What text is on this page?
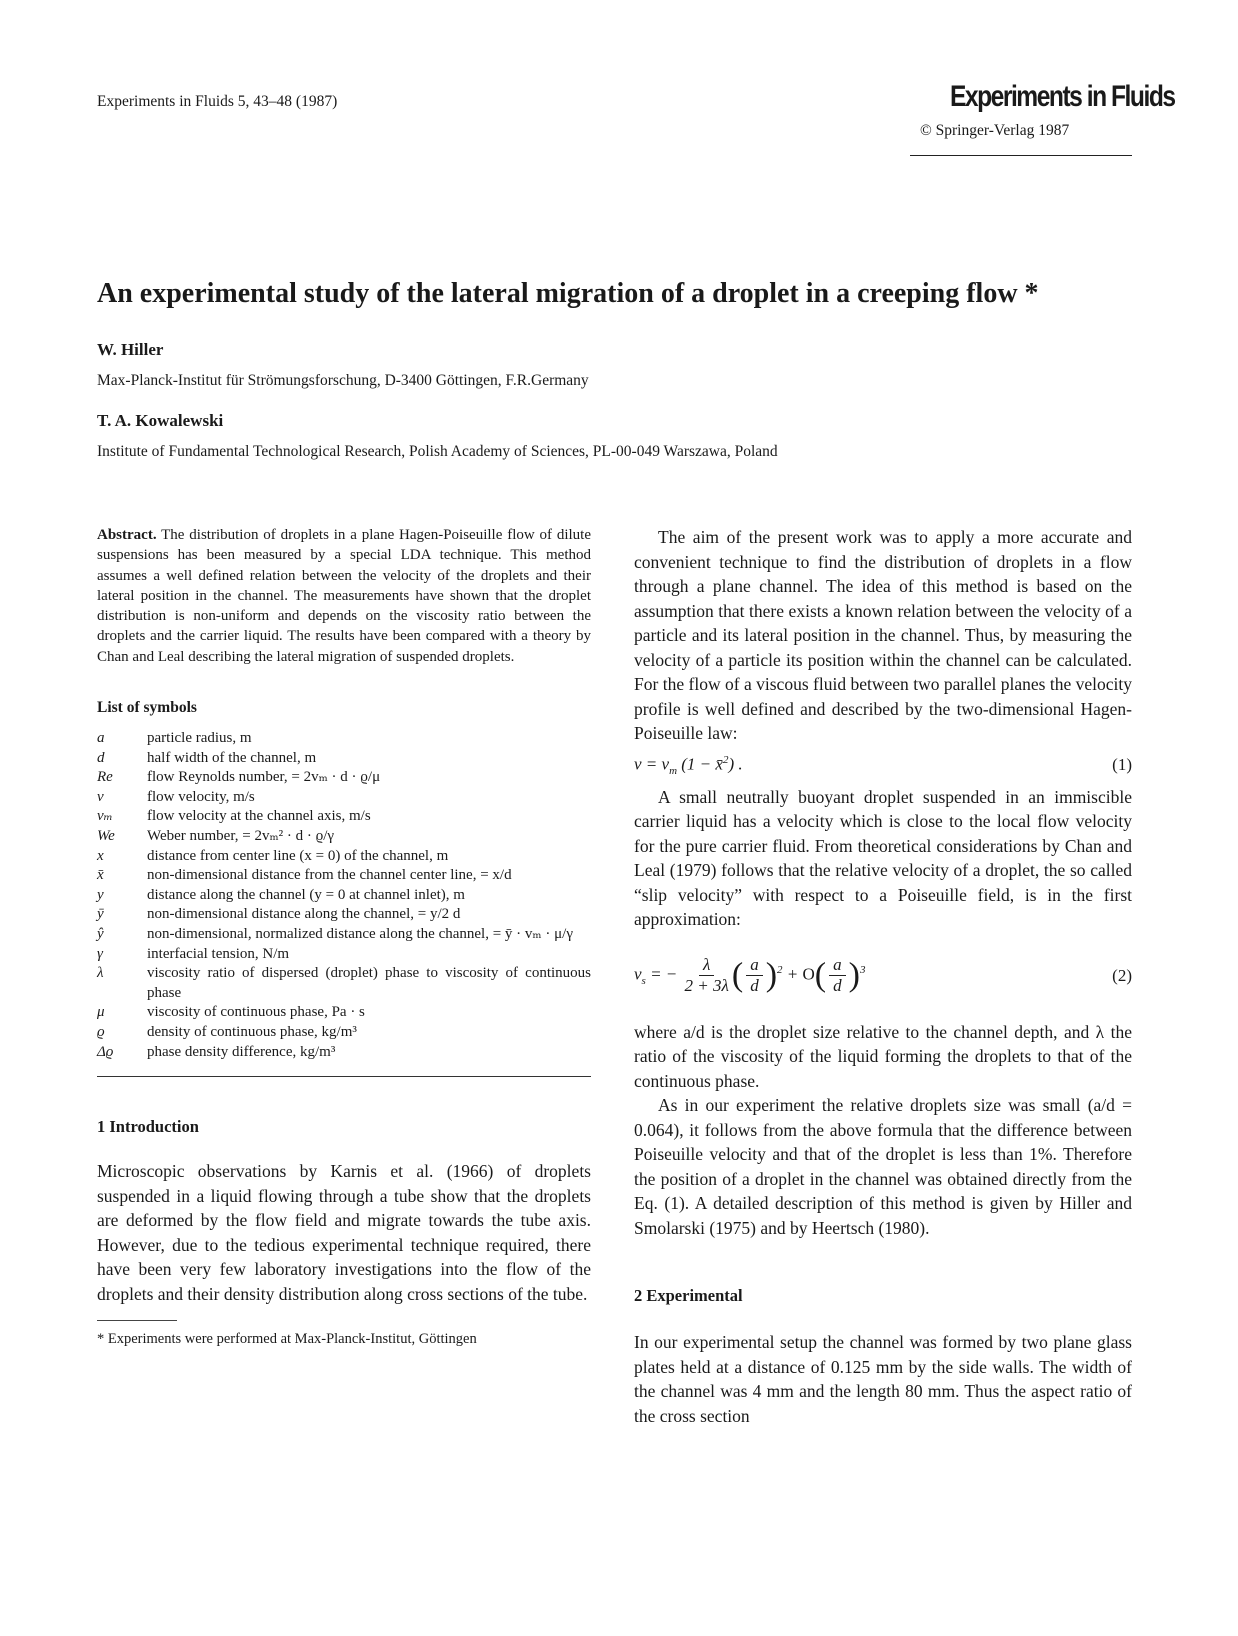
Experiments in Fluids 5, 43–48 (1987)	Experiments in Fluids
© Springer-Verlag 1987
An experimental study of the lateral migration of a droplet in a creeping flow *
W. Hiller
Max-Planck-Institut für Strömungsforschung, D-3400 Göttingen, F.R.Germany
T. A. Kowalewski
Institute of Fundamental Technological Research, Polish Academy of Sciences, PL-00-049 Warszawa, Poland

Abstract. The distribution of droplets in a plane Hagen-Poiseuille flow of dilute suspensions has been measured by a special LDA technique. This method assumes a well defined relation between the velocity of the droplets and their lateral position in the channel. The measurements have shown that the droplet distribution is non-uniform and depends on the viscosity ratio between the droplets and the carrier liquid. The results have been compared with a theory by Chan and Leal describing the lateral migration of suspended droplets.

List of symbols
a	particle radius, m
d	half width of the channel, m
Re	flow Reynolds number, = 2vₘ · d · ϱ/μ
v	flow velocity, m/s
vₘ	flow velocity at the channel axis, m/s
We	Weber number, = 2vₘ² · d · ϱ/γ
x	distance from center line (x = 0) of the channel, m
x̄	non-dimensional distance from the channel center line, = x/d
y	distance along the channel (y = 0 at channel inlet), m
ȳ	non-dimensional distance along the channel, = y/2 d
ŷ	non-dimensional, normalized distance along the channel, = ȳ · vₘ · μ/γ
γ	interfacial tension, N/m
λ	viscosity ratio of dispersed (droplet) phase to viscosity of continuous phase
μ	viscosity of continuous phase, Pa · s
ϱ	density of continuous phase, kg/m³
Δϱ	phase density difference, kg/m³
1 Introduction

Microscopic observations by Karnis et al. (1966) of droplets suspended in a liquid flowing through a tube show that the droplets are deformed by the flow field and migrate towards the tube axis. However, due to the tedious experimental technique required, there have been very few laboratory investigations into the flow of the droplets and their density distribution along cross sections of the tube.

* Experiments were performed at Max-Planck-Institut, Göttingen

The aim of the present work was to apply a more accurate and convenient technique to find the distribution of droplets in a flow through a plane channel. The idea of this method is based on the assumption that there exists a known relation between the velocity of a particle and its lateral position in the channel. Thus, by measuring the velocity of a particle its position within the channel can be calculated. For the flow of a viscous fluid between two parallel planes the velocity profile is well defined and described by the two-dimensional Hagen-Poiseuille law:

$v = v_m$ (1 − x̄$^2$) .	(1)

A small neutrally buoyant droplet suspended in an immiscible carrier liquid has a velocity which is close to the local flow velocity for the pure carrier fluid. From theoretical considerations by Chan and Leal (1979) follows that the relative velocity of a droplet, the so called “slip velocity” with respect to a Poiseuille field, is in the first approximation:

$v_s$ = − $\frac{\lambda}{2 + 3\lambda}$ ( $\frac{a}{d} )^2 + O( \frac{a}{d} )^3$	(2)

where a/d is the droplet size relative to the channel depth, and λ the ratio of the viscosity of the liquid forming the droplets to that of the continuous phase.

As in our experiment the relative droplets size was small (a/d = 0.064), it follows from the above formula that the difference between Poiseuille velocity and that of the droplet is less than 1%. Therefore the position of a droplet in the channel was obtained directly from the Eq. (1). A detailed description of this method is given by Hiller and Smolarski (1975) and by Heertsch (1980).

2 Experimental

In our experimental setup the channel was formed by two plane glass plates held at a distance of 0.125 mm by the side walls. The width of the channel was 4 mm and the length 80 mm. Thus the aspect ratio of the cross section
